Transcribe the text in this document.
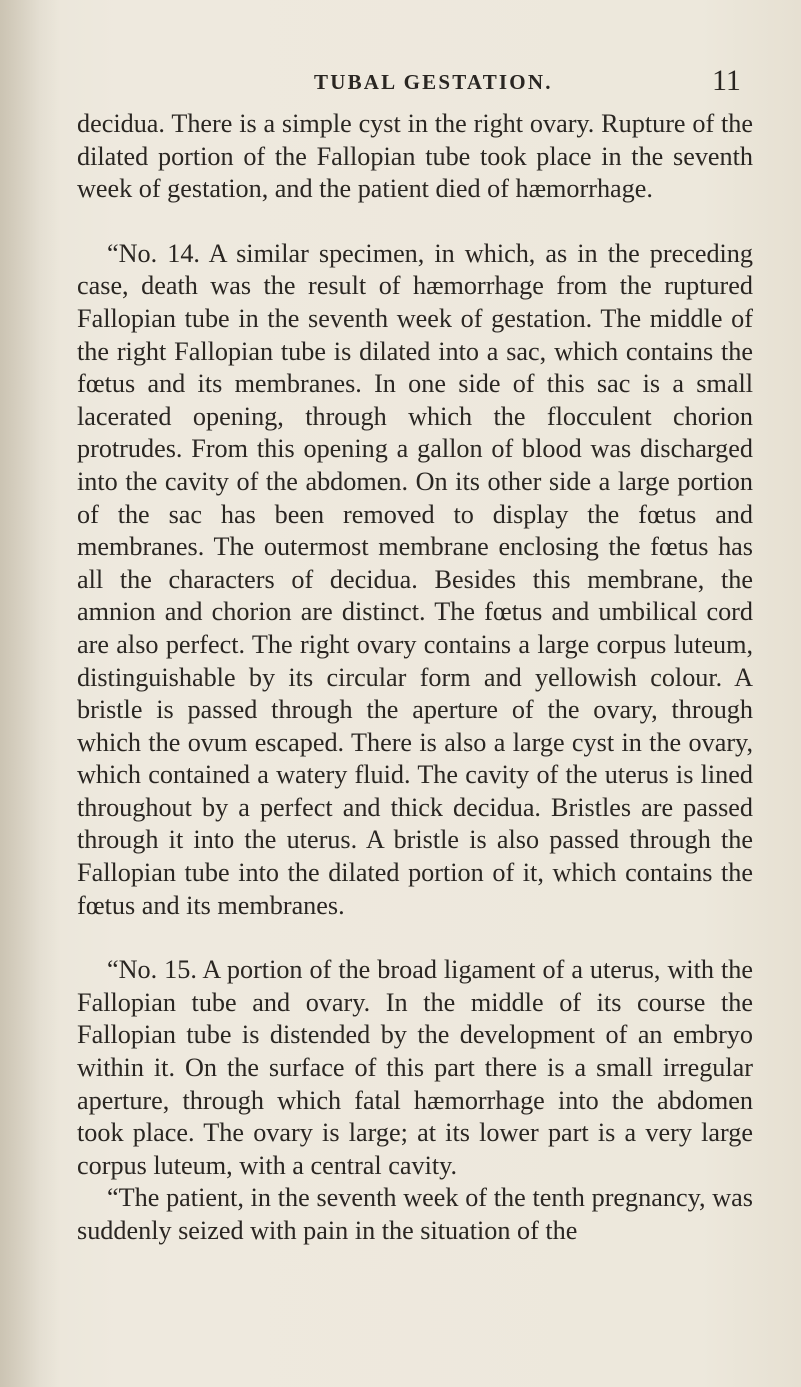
TUBAL GESTATION.	11

decidua. There is a simple cyst in the right ovary. Rupture of the dilated portion of the Fallopian tube took place in the seventh week of gestation, and the patient died of hæmorrhage.

“No. 14. A similar specimen, in which, as in the preceding case, death was the result of hæmorrhage from the ruptured Fallopian tube in the seventh week of gestation. The middle of the right Fallopian tube is dilated into a sac, which contains the fœtus and its membranes. In one side of this sac is a small lacerated opening, through which the flocculent chorion protrudes. From this opening a gallon of blood was discharged into the cavity of the abdomen. On its other side a large portion of the sac has been removed to display the fœtus and membranes. The outermost membrane enclosing the fœtus has all the characters of decidua. Besides this membrane, the amnion and chorion are distinct. The fœtus and umbilical cord are also perfect. The right ovary contains a large corpus luteum, distinguishable by its circular form and yellowish colour. A bristle is passed through the aperture of the ovary, through which the ovum escaped. There is also a large cyst in the ovary, which contained a watery fluid. The cavity of the uterus is lined throughout by a perfect and thick decidua. Bristles are passed through it into the uterus. A bristle is also passed through the Fallopian tube into the dilated portion of it, which contains the fœtus and its membranes.

“No. 15. A portion of the broad ligament of a uterus, with the Fallopian tube and ovary. In the middle of its course the Fallopian tube is distended by the development of an embryo within it. On the surface of this part there is a small irregular aperture, through which fatal hæmorrhage into the abdomen took place. The ovary is large; at its lower part is a very large corpus luteum, with a central cavity.

“The patient, in the seventh week of the tenth pregnancy, was suddenly seized with pain in the situation of the
